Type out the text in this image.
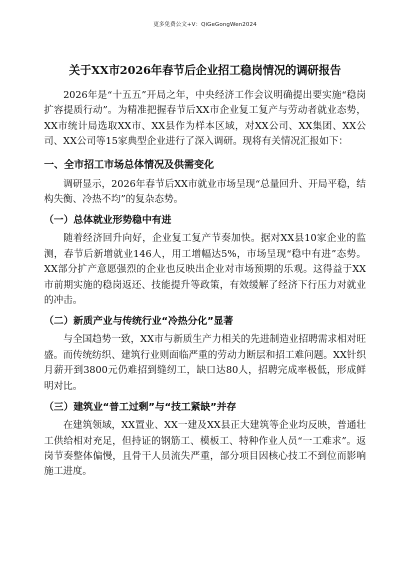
更多免费公文+V：QiGeGongWen2024
关于XX市2026年春节后企业招工稳岗情况的调研报告

2026年是“十五五”开局之年，中央经济工作会议明确提出要实施“稳岗扩容提质行动”。为精准把握春节后XX市企业复工复产与劳动者就业态势，XX市统计局选取XX市、XX县作为样本区域，对XX公司、XX集团、XX公司、XX公司等15家典型企业进行了深入调研。现将有关情况汇报如下：

一、全市招工市场总体情况及供需变化

调研显示，2026年春节后XX市就业市场呈现“总量回升、开局平稳，结构失衡、冷热不均”的复杂态势。

（一）总体就业形势稳中有进

随着经济回升向好，企业复工复产节奏加快。据对XX县10家企业的监测，春节后新增就业146人，用工增幅达5%，市场呈现“稳中有进”态势。XX部分扩产意愿强烈的企业也反映出企业对市场预期的乐观。这得益于XX市前期实施的稳岗返还、技能提升等政策，有效缓解了经济下行压力对就业的冲击。

（二）新质产业与传统行业“冷热分化”显著

与全国趋势一致，XX市与新质生产力相关的先进制造业招聘需求相对旺盛。而传统纺织、建筑行业则面临严重的劳动力断层和招工难问题。XX针织月薪开到3800元仍难招到缝纫工，缺口达80人，招聘完成率极低，形成鲜明对比。

（三）建筑业“普工过剩”与“技工紧缺”并存

在建筑领域，XX置业、XX一建及XX县正大建筑等企业均反映，普通壮工供给相对充足，但持证的钢筋工、模板工、特种作业人员“一工难求”。返岗节奏整体偏慢，且骨干人员流失严重，部分项目因核心技工不到位而影响施工进度。
